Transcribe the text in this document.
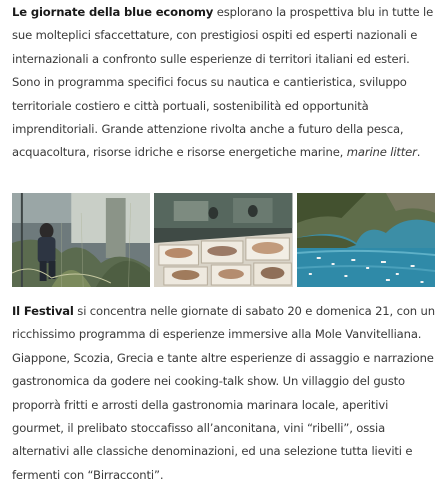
Le giornate della blue economy esplorano la prospettiva blu in tutte le sue molteplici sfaccettature, con prestigiosi ospiti ed esperti nazionali e internazionali a confronto sulle esperienze di territori italiani ed esteri. Sono in programma specifici focus su nautica e cantieristica, sviluppo territoriale costiero e città portuali, sostenibilità ed opportunità imprenditoriali. Grande attenzione rivolta anche a futuro della pesca, acquacoltura, risorse idriche e risorse energetiche marine, marine litter.

Il Festival si concentra nelle giornate di sabato 20 e domenica 21, con un ricchissimo programma di esperienze immersive alla Mole Vanvitelliana. Giappone, Scozia, Grecia e tante altre esperienze di assaggio e narrazione gastronomica da godere nei cooking-talk show. Un villaggio del gusto proporrà fritti e arrosti della gastronomia marinara locale, aperitivi gourmet, il prelibato stoccafisso all’anconitana, vini “ribelli”, ossia alternativi alle classiche denominazioni, ed una selezione tutta lieviti e fermenti con “Birracconti”.
